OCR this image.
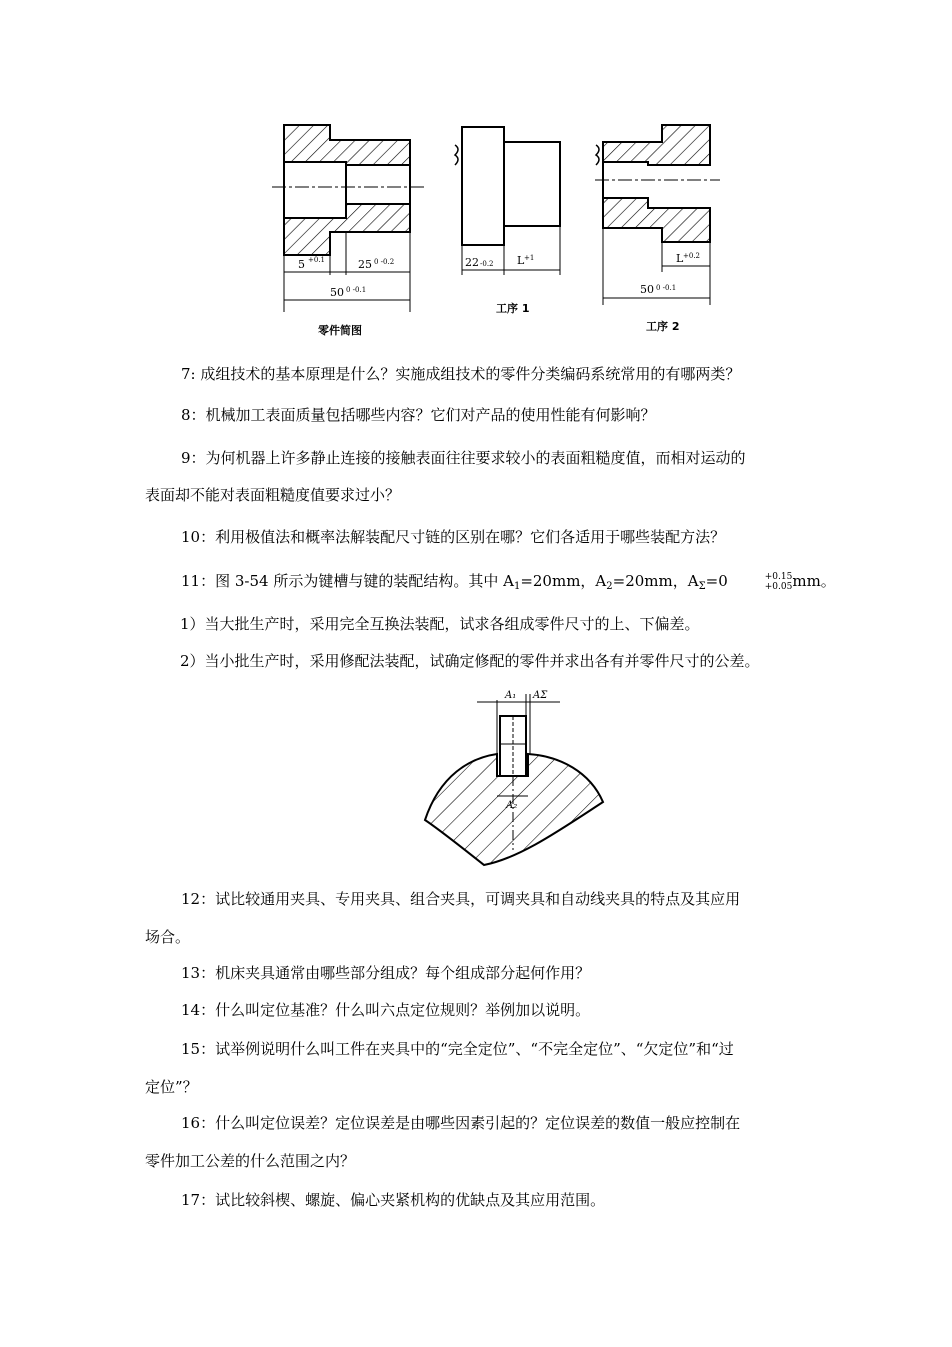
5 +0.1	25 0 -0.2
50 0 -0.1
零件简图
22 -0.2 L +1
工序 1
L +0.2
50 0 -0.1
工序 2
7: 成组技术的基本原理是什么？实施成组技术的零件分类编码系统常用的有哪两类？
8：机械加工表面质量包括哪些内容？它们对产品的使用性能有何影响？
9：为何机器上许多静止连接的接触表面往往要求较小的表面粗糙度值，而相对运动的
表面却不能对表面粗糙度值要求过小？
10：利用极值法和概率法解装配尺寸链的区别在哪？它们各适用于哪些装配方法？
11：图 3-54 所示为键槽与键的装配结构。其中 $A_1=20mm$，$A_2=20mm$，$A_\Sigma=0$	+0.15
+0.05 mm。
1）当大批生产时，采用完全互换法装配，试求各组成零件尺寸的上、下偏差。
2）当小批生产时，采用修配法装配，试确定修配的零件并求出各有并零件尺寸的公差。
A₁ AΣ
A₂
12：试比较通用夹具、专用夹具、组合夹具，可调夹具和自动线夹具的特点及其应用
场合。
13：机床夹具通常由哪些部分组成？每个组成部分起何作用？
14：什么叫定位基准？什么叫六点定位规则？举例加以说明。
15：试举例说明什么叫工件在夹具中的“完全定位”、“不完全定位”、“欠定位”和“过
定位”？
16：什么叫定位误差？定位误差是由哪些因素引起的？定位误差的数值一般应控制在
零件加工公差的什么范围之内？
17：试比较斜楔、螺旋、偏心夹紧机构的优缺点及其应用范围。
